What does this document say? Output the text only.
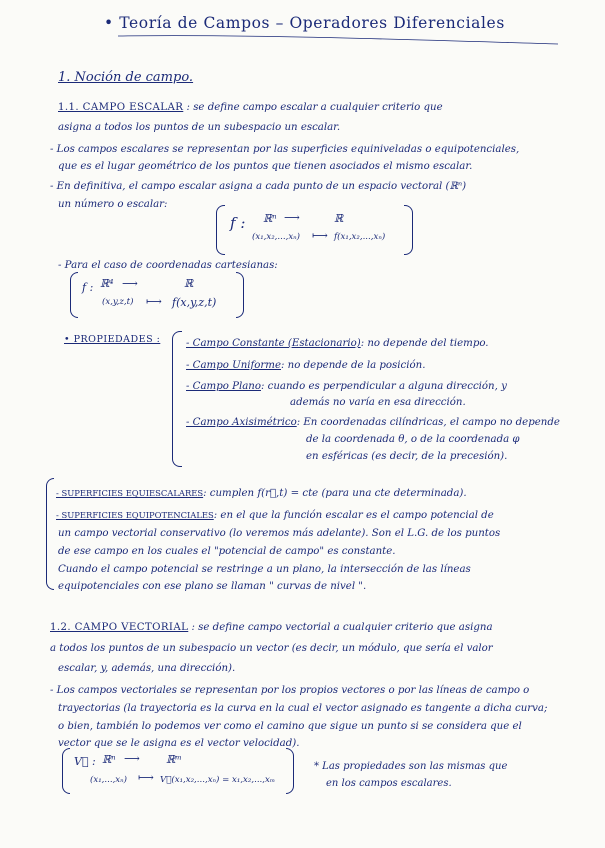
• Teoría de Campos – Operadores Diferenciales
1. Noción de campo.
1.1. CAMPO ESCALAR : se define campo escalar a cualquier criterio que
asigna a todos los puntos de un subespacio un escalar.
- Los campos escalares se representan por las superficies equiniveladas o equipotenciales,
que es el lugar geométrico de los puntos que tienen asociados el mismo escalar.
- En definitiva, el campo escalar asigna a cada punto de un espacio vectoral (ℝⁿ)
un número o escalar:
f : ℝⁿ ⟶	ℝ
(x₁,x₂,...,xₙ) ⟼ f(x₁,x₂,...,xₙ)
- Para el caso de coordenadas cartesianas:
f : ℝ⁴ ⟶	ℝ
(x,y,z,t) ⟼ f(x,y,z,t)
• PROPIEDADES :	- Campo Constante (Estacionario): no depende del tiempo.
- Campo Uniforme: no depende de la posición.
- Campo Plano: cuando es perpendicular a alguna dirección, y
además no varía en esa dirección.
- Campo Axisimétrico: En coordenadas cilíndricas, el campo no depende
de la coordenada θ, o de la coordenada φ
en esféricas (es decir, de la precesión).
- SUPERFICIES EQUIESCALARES: cumplen f(r⃗,t) = cte (para una cte determinada).
- SUPERFICIES EQUIPOTENCIALES: en el que la función escalar es el campo potencial de
un campo vectorial conservativo (lo veremos más adelante). Son el L.G. de los puntos
de ese campo en los cuales el "potencial de campo" es constante.
Cuando el campo potencial se restringe a un plano, la intersección de las líneas
equipotenciales con ese plano se llaman " curvas de nivel ".
1.2. CAMPO VECTORIAL : se define campo vectorial a cualquier criterio que asigna
a todos los puntos de un subespacio un vector (es decir, un módulo, que sería el valor
escalar, y, además, una dirección).
- Los campos vectoriales se representan por los propios vectores o por las líneas de campo o
trayectorias (la trayectoria es la curva en la cual el vector asignado es tangente a dicha curva;
o bien, también lo podemos ver como el camino que sigue un punto si se considera que el
vector que se le asigna es el vector velocidad).
V⃗ : ℝⁿ ⟶ ℝᵐ
(x₁,...,xₙ) ⟼ V⃗(x₁,x₂,...,xₙ) = x₁,x₂,...,xₘ
* Las propiedades son las mismas que
en los campos escalares.
